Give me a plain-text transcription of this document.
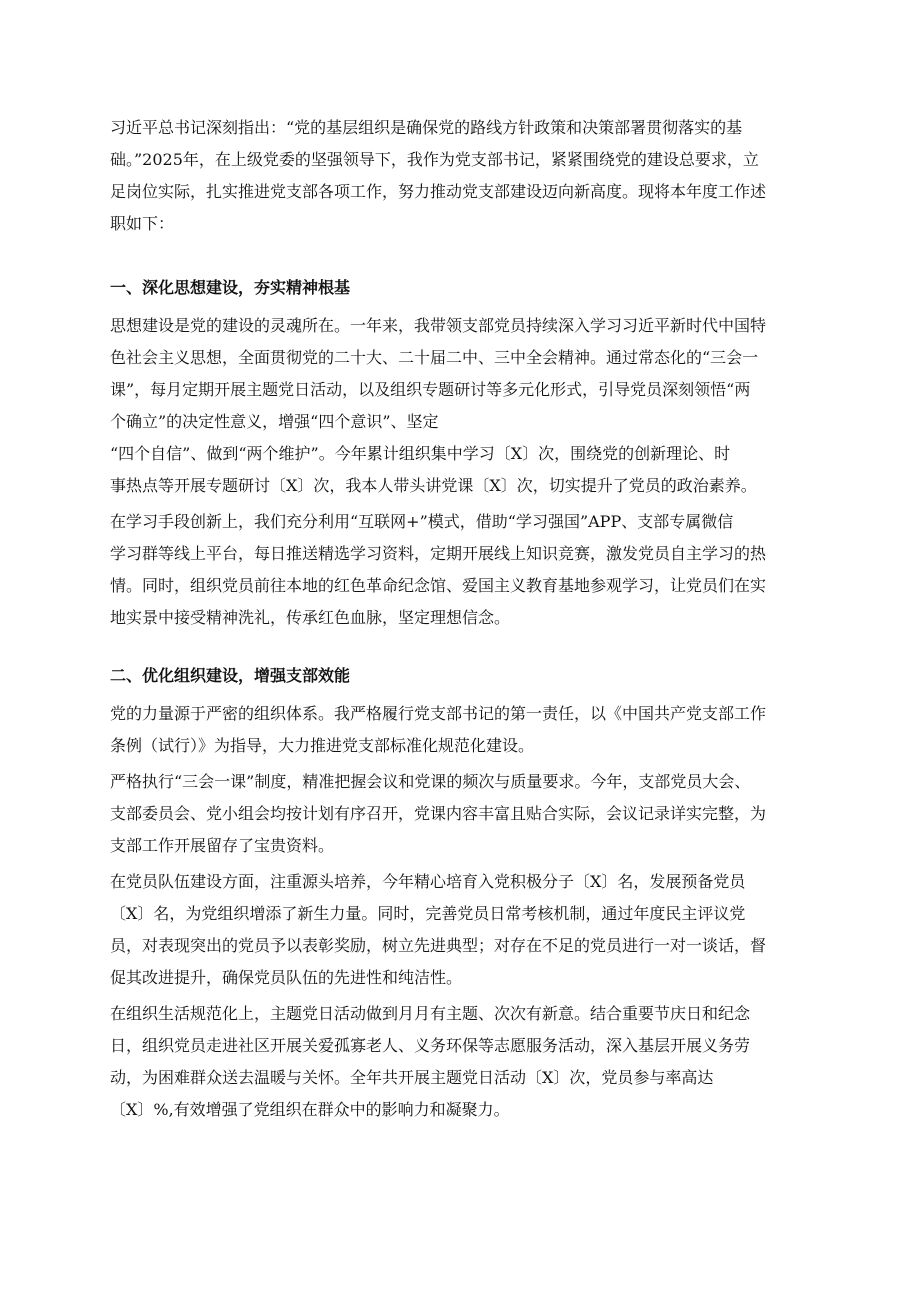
习近平总书记深刻指出：“党的基层组织是确保党的路线方针政策和决策部署贯彻落实的基
础。”2025年，在上级党委的坚强领导下，我作为党支部书记，紧紧围绕党的建设总要求，立
足岗位实际，扎实推进党支部各项工作，努力推动党支部建设迈向新高度。现将本年度工作述
职如下：

一、深化思想建设，夯实精神根基

思想建设是党的建设的灵魂所在。一年来，我带领支部党员持续深入学习习近平新时代中国特
色社会主义思想，全面贯彻党的二十大、二十届二中、三中全会精神。通过常态化的“三会一
课”，每月定期开展主题党日活动，以及组织专题研讨等多元化形式，引导党员深刻领悟“两
个确立”的决定性意义，增强“四个意识”、坚定
“四个自信”、做到“两个维护”。今年累计组织集中学习〔X〕次，围绕党的创新理论、时
事热点等开展专题研讨〔X〕次，我本人带头讲党课〔X〕次，切实提升了党员的政治素养。

在学习手段创新上，我们充分利用“互联网+”模式，借助“学习强国”APP、支部专属微信
学习群等线上平台，每日推送精选学习资料，定期开展线上知识竞赛，激发党员自主学习的热
情。同时，组织党员前往本地的红色革命纪念馆、爱国主义教育基地参观学习，让党员们在实
地实景中接受精神洗礼，传承红色血脉，坚定理想信念。

二、优化组织建设，增强支部效能

党的力量源于严密的组织体系。我严格履行党支部书记的第一责任，以《中国共产党支部工作
条例（试行）》为指导，大力推进党支部标准化规范化建设。

严格执行“三会一课”制度，精准把握会议和党课的频次与质量要求。今年，支部党员大会、
支部委员会、党小组会均按计划有序召开，党课内容丰富且贴合实际，会议记录详实完整，为
支部工作开展留存了宝贵资料。

在党员队伍建设方面，注重源头培养，今年精心培育入党积极分子〔X〕名，发展预备党员
〔X〕名，为党组织增添了新生力量。同时，完善党员日常考核机制，通过年度民主评议党
员，对表现突出的党员予以表彰奖励，树立先进典型；对存在不足的党员进行一对一谈话，督
促其改进提升，确保党员队伍的先进性和纯洁性。

在组织生活规范化上，主题党日活动做到月月有主题、次次有新意。结合重要节庆日和纪念
日，组织党员走进社区开展关爱孤寡老人、义务环保等志愿服务活动，深入基层开展义务劳
动，为困难群众送去温暖与关怀。全年共开展主题党日活动〔X〕次，党员参与率高达
〔X〕%,有效增强了党组织在群众中的影响力和凝聚力。
